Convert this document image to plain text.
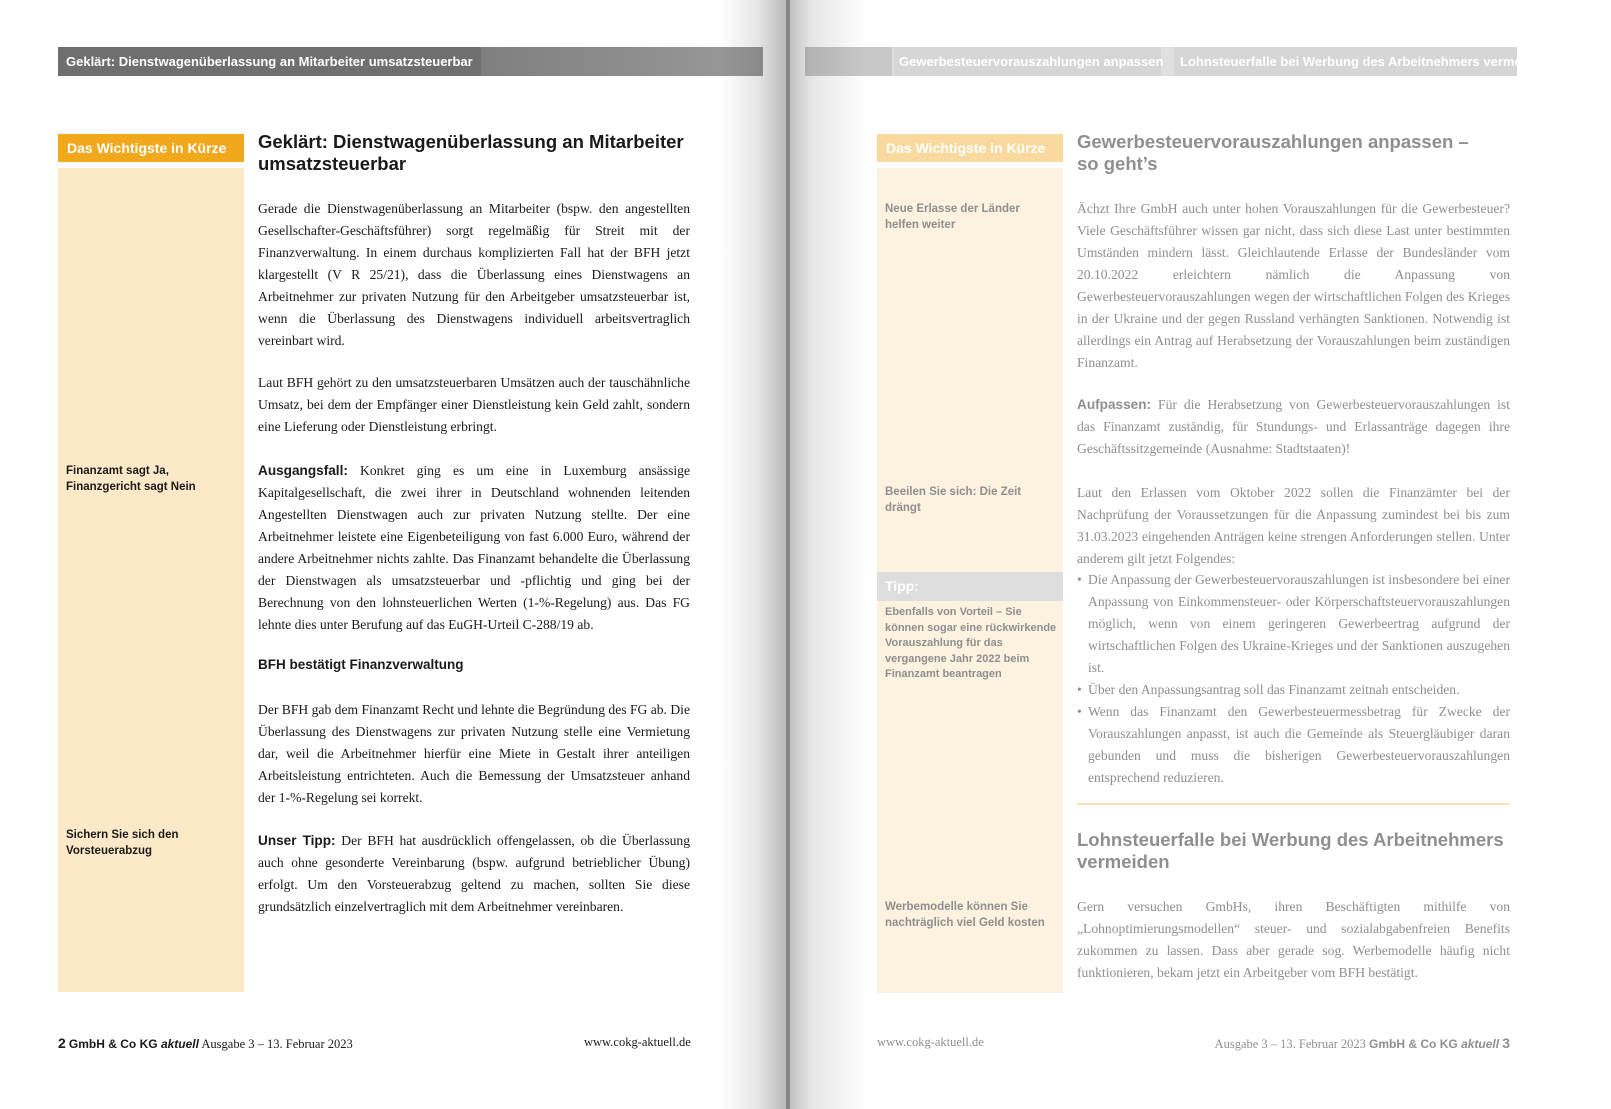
Geklärt: Dienstwagenüberlassung an Mitarbeiter umsatzsteuerbar
Das Wichtigste in Kürze
Finanzamt sagt Ja, Finanzgericht sagt Nein
Sichern Sie sich den Vorsteuerabzug
Geklärt: Dienstwagenüberlassung an Mitarbeiter umsatzsteuerbar

Gerade die Dienstwagenüberlassung an Mitarbeiter (bspw. den angestellten Gesellschafter-Geschäftsführer) sorgt regelmäßig für Streit mit der Finanzverwaltung. In einem durchaus komplizierten Fall hat der BFH jetzt klargestellt (V R 25/21), dass die Überlassung eines Dienstwagens an Arbeitnehmer zur privaten Nutzung für den Arbeitgeber umsatzsteuerbar ist, wenn die Überlassung des Dienstwagens individuell arbeitsvertraglich vereinbart wird.

Laut BFH gehört zu den umsatzsteuerbaren Umsätzen auch der tauschähnliche Umsatz, bei dem der Empfänger einer Dienstleistung kein Geld zahlt, sondern eine Lieferung oder Dienstleistung erbringt.

Ausgangsfall: Konkret ging es um eine in Luxemburg ansässige Kapitalgesellschaft, die zwei ihrer in Deutschland wohnenden leitenden Angestellten Dienstwagen auch zur privaten Nutzung stellte. Der eine Arbeitnehmer leistete eine Eigenbeteiligung von fast 6.000 Euro, während der andere Arbeitnehmer nichts zahlte. Das Finanzamt behandelte die Überlassung der Dienstwagen als umsatzsteuerbar und -pflichtig und ging bei der Berechnung von den lohnsteuerlichen Werten (1-%-Regelung) aus. Das FG lehnte dies unter Berufung auf das EuGH-Urteil C-288/19 ab.

BFH bestätigt Finanzverwaltung

Der BFH gab dem Finanzamt Recht und lehnte die Begründung des FG ab. Die Überlassung des Dienstwagens zur privaten Nutzung stelle eine Vermietung dar, weil die Arbeitnehmer hierfür eine Miete in Gestalt ihrer anteiligen Arbeitsleistung entrichteten. Auch die Bemessung der Umsatzsteuer anhand der 1-%-Regelung sei korrekt.

Unser Tipp: Der BFH hat ausdrücklich offengelassen, ob die Überlassung auch ohne gesonderte Vereinbarung (bspw. aufgrund betrieblicher Übung) erfolgt. Um den Vorsteuerabzug geltend zu machen, sollten Sie diese grundsätzlich einzelvertraglich mit dem Arbeitnehmer vereinbaren.

2 GmbH & Co KG aktuell Ausgabe 3 – 13. Februar 2023	www.cokg-aktuell.de
Gewerbesteuervorauszahlungen anpassen	Lohnsteuerfalle bei Werbung des Arbeitnehmers vermeiden
Das Wichtigste in Kürze
Neue Erlasse der Länder helfen weiter
Beeilen Sie sich: Die Zeit drängt
Tipp:
Ebenfalls von Vorteil – Sie können sogar eine rückwirkende Vorauszahlung für das vergangene Jahr 2022 beim Finanzamt beantragen
Werbemodelle können Sie nachträglich viel Geld kosten
Gewerbesteuervorauszahlungen anpassen – so geht’s

Ächzt Ihre GmbH auch unter hohen Vorauszahlungen für die Gewerbesteuer? Viele Geschäftsführer wissen gar nicht, dass sich diese Last unter bestimmten Umständen mindern lässt. Gleichlautende Erlasse der Bundesländer vom 20.10.2022 erleichtern nämlich die Anpassung von Gewerbesteuervorauszahlungen wegen der wirtschaftlichen Folgen des Krieges in der Ukraine und der gegen Russland verhängten Sanktionen. Notwendig ist allerdings ein Antrag auf Herabsetzung der Vorauszahlungen beim zuständigen Finanzamt.

Aufpassen: Für die Herabsetzung von Gewerbesteuervorauszahlungen ist das Finanzamt zuständig, für Stundungs- und Erlassanträge dagegen ihre Geschäftssitzgemeinde (Ausnahme: Stadtstaaten)!

Laut den Erlassen vom Oktober 2022 sollen die Finanzämter bei der Nachprüfung der Voraussetzungen für die Anpassung zumindest bei bis zum 31.03.2023 eingehenden Anträgen keine strengen Anforderungen stellen. Unter anderem gilt jetzt Folgendes:

• Die Anpassung der Gewerbesteuervorauszahlungen ist insbesondere bei einer Anpassung von Einkommensteuer- oder Körperschaftsteuervorauszahlungen möglich, wenn von einem geringeren Gewerbeertrag aufgrund der wirtschaftlichen Folgen des Ukraine-Krieges und der Sanktionen auszugehen ist.
• Über den Anpassungsantrag soll das Finanzamt zeitnah entscheiden.
• Wenn das Finanzamt den Gewerbesteuermessbetrag für Zwecke der Vorauszahlungen anpasst, ist auch die Gemeinde als Steuergläubiger daran gebunden und muss die bisherigen Gewerbesteuervorauszahlungen entsprechend reduzieren.
Lohnsteuerfalle bei Werbung des Arbeitnehmers vermeiden

Gern versuchen GmbHs, ihren Beschäftigten mithilfe von „Lohnoptimierungsmodellen“ steuer- und sozialabgabenfreien Benefits zukommen zu lassen. Dass aber gerade sog. Werbemodelle häufig nicht funktionieren, bekam jetzt ein Arbeitgeber vom BFH bestätigt.

www.cokg-aktuell.de	Ausgabe 3 – 13. Februar 2023 GmbH & Co KG aktuell 3
